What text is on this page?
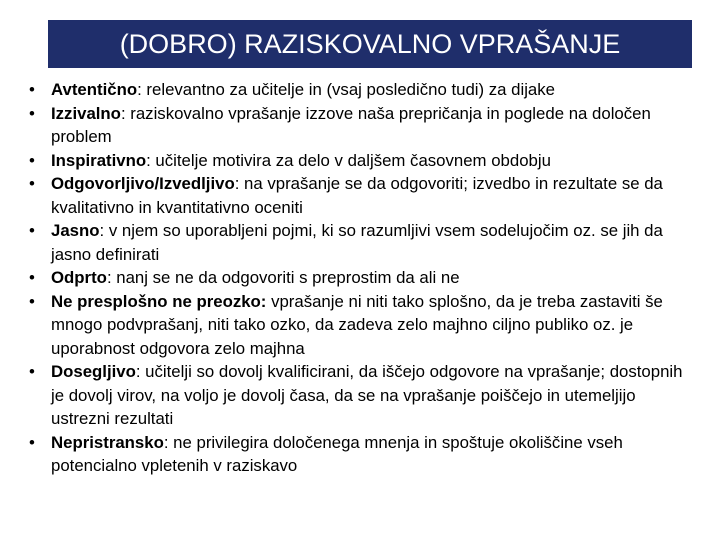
(DOBRO) RAZISKOVALNO VPRAŠANJE
• Avtentično: relevantno za učitelje in (vsaj posledično tudi) za dijake
• Izzivalno: raziskovalno vprašanje izzove naša prepričanja in poglede na določen problem
• Inspirativno: učitelje motivira za delo v daljšem časovnem obdobju
• Odgovorljivo/Izvedljivo: na vprašanje se da odgovoriti; izvedbo in rezultate se da kvalitativno in kvantitativno oceniti
• Jasno: v njem so uporabljeni pojmi, ki so razumljivi vsem sodelujočim oz. se jih da jasno definirati
• Odprto: nanj se ne da odgovoriti s preprostim da ali ne
• Ne presplošno ne preozko: vprašanje ni niti tako splošno, da je treba zastaviti še mnogo podvprašanj, niti tako ozko, da zadeva zelo majhno ciljno publiko oz. je uporabnost odgovora zelo majhna
• Dosegljivo: učitelji so dovolj kvalificirani, da iščejo odgovore na vprašanje; dostopnih je dovolj virov, na voljo je dovolj časa, da se na vprašanje poiščejo in utemeljijo ustrezni rezultati
• Nepristransko: ne privilegira določenega mnenja in spoštuje okoliščine vseh potencialno vpletenih v raziskavo
